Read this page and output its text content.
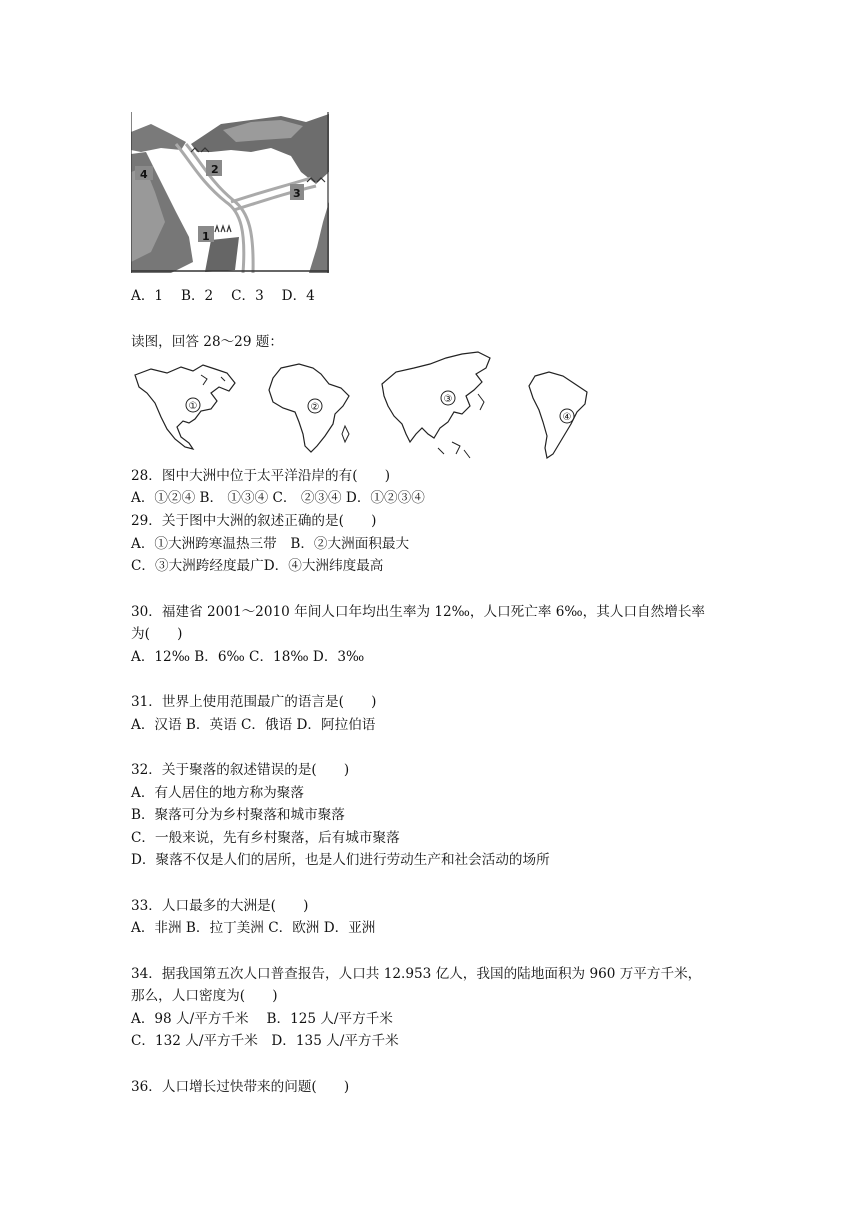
1
2
3
4
A．1　 B．2　 C．3　 D．4
读图，回答 28～29 题：
①	②
③
④
28．图中大洲中位于太平洋沿岸的有(　　)
A．①②④ B． ①③④ C． ②③④ D．①②③④
29．关于图中大洲的叙述正确的是(　　)
A．①大洲跨寒温热三带　B．②大洲面积最大
C．③大洲跨经度最广D．④大洲纬度最高
30．福建省 2001～2010 年间人口年均出生率为 12‰，人口死亡率 6‰，其人口自然增长率
为(　　)
A．12‰ B．6‰ C．18‰ D．3‰
31．世界上使用范围最广的语言是(　　)
A．汉语 B．英语 C．俄语 D．阿拉伯语
32．关于聚落的叙述错误的是(　　)
A．有人居住的地方称为聚落
B．聚落可分为乡村聚落和城市聚落
C．一般来说，先有乡村聚落，后有城市聚落
D．聚落不仅是人们的居所，也是人们进行劳动生产和社会活动的场所
33．人口最多的大洲是(　　)
A．非洲 B．拉丁美洲 C．欧洲 D．亚洲
34．据我国第五次人口普查报告，人口共 12.953 亿人，我国的陆地面积为 960 万平方千米，
那么，人口密度为(　　)
A．98 人/平方千米　 B．125 人/平方千米
C．132 人/平方千米　D．135 人/平方千米
36．人口增长过快带来的问题(　　)
